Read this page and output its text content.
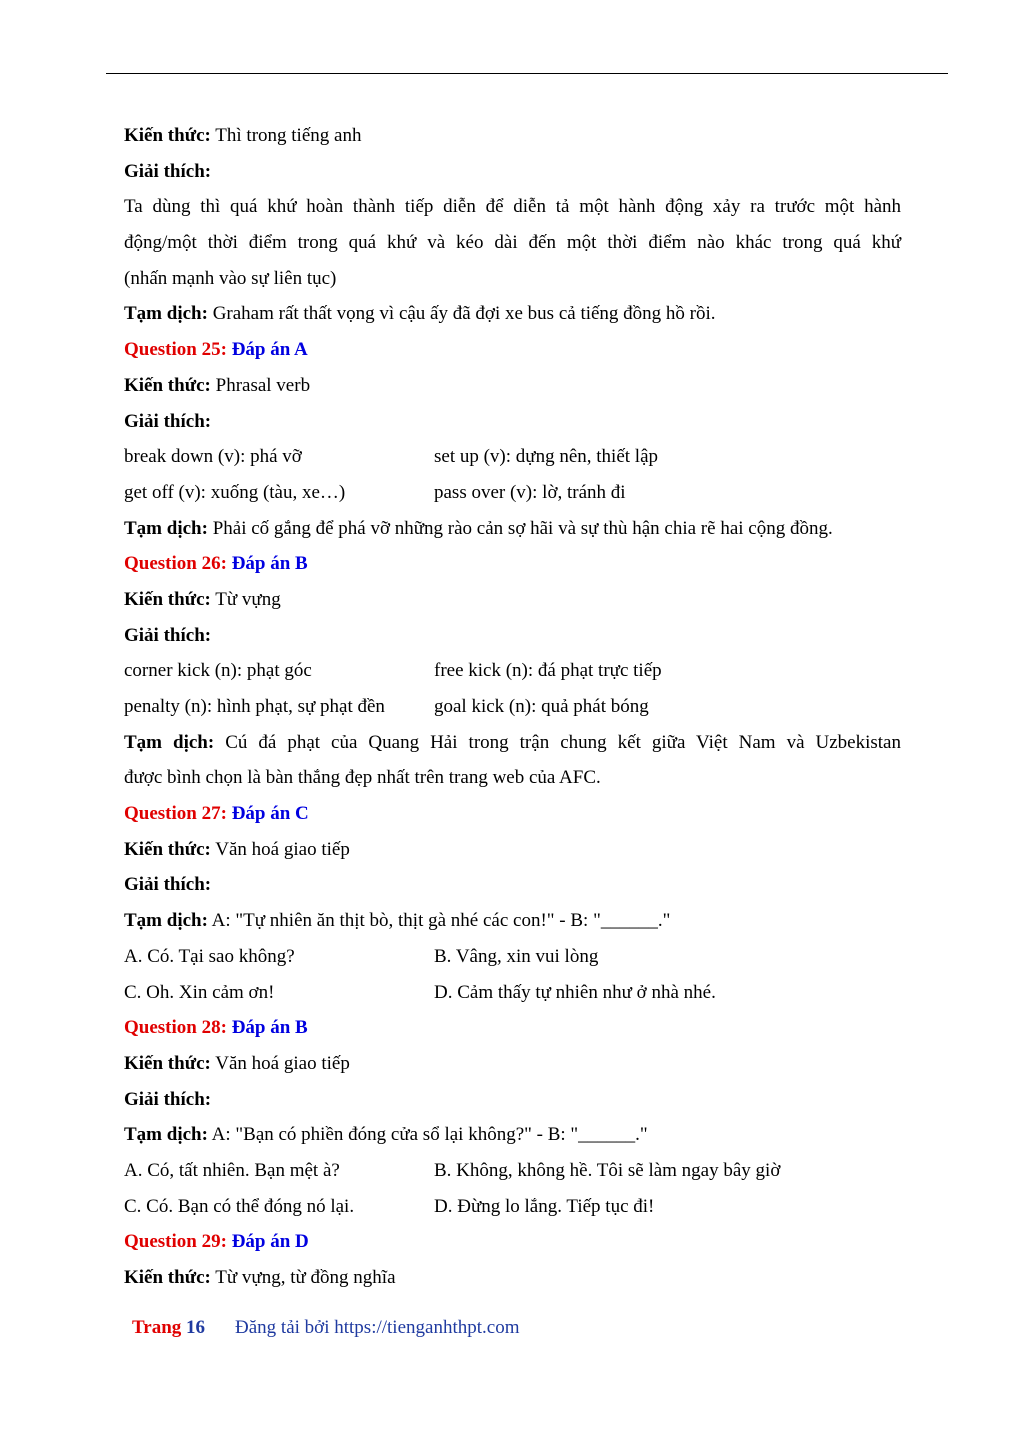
Kiến thức: Thì trong tiếng anh
Giải thích:
Ta dùng thì quá khứ hoàn thành tiếp diễn để diễn tả một hành động xảy ra trước một hành
động/một thời điểm trong quá khứ và kéo dài đến một thời điểm nào khác trong quá khứ
(nhấn mạnh vào sự liên tục)
Tạm dịch: Graham rất thất vọng vì cậu ấy đã đợi xe bus cả tiếng đồng hồ rồi.
Question 25: Đáp án A
Kiến thức: Phrasal verb
Giải thích:
break down (v): phá vỡ	set up (v): dựng nên, thiết lập
get off (v): xuống (tàu, xe…)	pass over (v): lờ, tránh đi
Tạm dịch: Phải cố gắng để phá vỡ những rào cản sợ hãi và sự thù hận chia rẽ hai cộng đồng.
Question 26: Đáp án B
Kiến thức: Từ vựng
Giải thích:
corner kick (n): phạt góc	free kick (n): đá phạt trực tiếp
penalty (n): hình phạt, sự phạt đền	goal kick (n): quả phát bóng
Tạm dịch: Cú đá phạt của Quang Hải trong trận chung kết giữa Việt Nam và Uzbekistan
được bình chọn là bàn thắng đẹp nhất trên trang web của AFC.
Question 27: Đáp án C
Kiến thức: Văn hoá giao tiếp
Giải thích:
Tạm dịch: A: "Tự nhiên ăn thịt bò, thịt gà nhé các con!" - B: "______."
A. Có. Tại sao không?	B. Vâng, xin vui lòng
C. Oh. Xin cảm ơn!	D. Cảm thấy tự nhiên như ở nhà nhé.
Question 28: Đáp án B
Kiến thức: Văn hoá giao tiếp
Giải thích:
Tạm dịch: A: "Bạn có phiền đóng cửa sổ lại không?" - B: "______."
A. Có, tất nhiên. Bạn mệt à?	B. Không, không hề. Tôi sẽ làm ngay bây giờ
C. Có. Bạn có thể đóng nó lại.	D. Đừng lo lắng. Tiếp tục đi!
Question 29: Đáp án D
Kiến thức: Từ vựng, từ đồng nghĩa
Trang 16 Đăng tải bởi https://tienganhthpt.com
